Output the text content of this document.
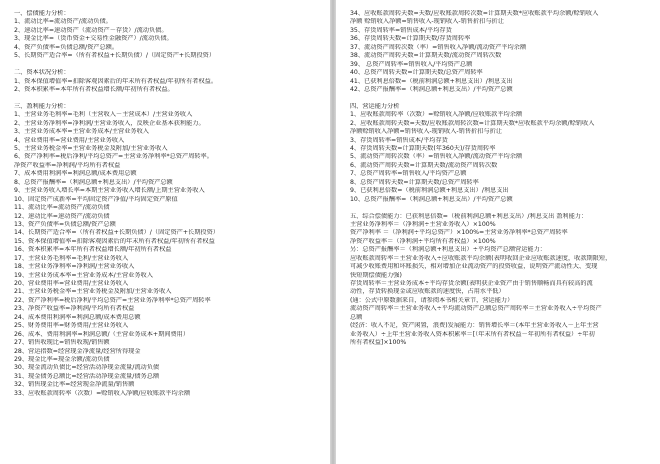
一、偿债能力分析：
1、流动比率=流动资产/流动负债。
2、速动比率=速动资产（流动资产－存货）/流动负债。
3、现金比率=（货币资金+交易性金融资产）/流动负债。
4、资产负债率=负债总额/资产总额。
5、长期资产适合率=（所有者权益+长期负债）/（固定资产+长期投资）
二、资本状况分析：
1、资本保值增值率=扣除客观因素后的年末所有者权益/年初所有者权益。
2、资本积累率=本年所有者权益增长额/年初所有者权益。
三、盈利能力分析：
1、主营业务毛利率=毛利（主营收入－主营成本）/主营业务收入
2、主营业务净利率=净利润/主营业务收入，反映企业基本获利能力。
3、主营业务成本率=主营业务成本/主营业务收入
4、营业费用率=营业费用/主营业务收入
5、主营业务税金率=主营业务税金及附加/主营业务收入
6、资产净利率=税后净利/平均总资产=主营业务净利率*总资产周转率。
净资产收益率=净利润/平均所有者权益
7、成本费用利润率=利润总额/成本费用总额
8、总资产报酬率=（利润总额+利息支出）/平均资产总额
9、主营业务收入增长率=本期主营业务收入增长额/上期主营业务收入
10、固定资产成新率=平均固定资产净值/平均固定资产原值
11、流动比率=流动资产/流动负债
12、速动比率=速动资产/流动负债
13、资产负债率=负债总额/资产总额
14、长期资产适合率=（所有者权益+长期负债）/（固定资产+长期投资）
15、资本保值增值率=扣除客观因素后的年末所有者权益/年初所有者权益
16、资本积累率=本年所有者权益增长额/年初所有者权益
17、主营业务毛利率=毛利/主营业务收入
18、主营业务净利率=净利润/主营业务收入
19、主营业务成本率=主营业务成本/主营业务收入
20、营业费用率=营业费用/主营业务收入
21、主营业务税金率=主营业务税金及附加/主营业务收入
22、资产净利率=税后净利/平均总资产=主营业务净利率*总资产周转率
23、净资产收益率=净利润/平均所有者权益
24、成本费用利润率=利润总额/成本费用总额
25、财务费用率=财务费用/主营业务收入
26、成本、费用利润率=利润总额/（主营业务成本+期间费用）
27、销售收现比=销售收现/销售额
28、营运指数=经营现金净流量/经营所得现金
29、现金比率=现金余额/流动负债
30、现金流动负债比=经营活动净现金流量/流动负债
31、现金债务总额比=经营活动净现金流量/债务总额
32、销售现金比率=经营现金净流量/销售额
33、应收账款周转率（次数）=赊销收入净额/应收账款平均余额
34、应收账款周转天数=天数/应收账款周转次数=计算期天数*应收账款平均余额/赊销收入
净额 赊销收入净额=销售收入-现销收入-销售折扣与折让
35、存货周转率=销售成本/平均存货
36、存货周转天数=计算期天数/存货周转率
37、流动资产周转次数（率）=销售收入净额/流动资产平均余额
38、流动资产周转天数=计算期天数/流动资产周转次数
39、 总资产周转率=销售收入/平均资产总额
40、总资产周转天数=计算期天数/总资产周转率
41、已获利息倍数=（税前利润总额+利息支出）/利息支出
42、总资产报酬率=（利润总额+利息支出）/平均资产总额
四、营运能力分析
1、应收账款周转率（次数）=赊销收入净额/应收账款平均余额
2、应收账款周转天数=天数/应收账款周转次数=计算期天数*应收账款平均余额/赊销收入
净额赊销收入净额=销售收入-现销收入-销售折扣与折让
3、存货周转率=销售成本/平均存货
4、存货周转天数=计算期天数(年360天)/存货周转率
5、流动资产周转次数（率）=销售收入净额/流动资产平均余额
6、流动资产周转天数=计算期天数/流动资产周转次数
7、总资产周转率=销售收入/平均资产总额
8、总资产周转天数=计算期天数/总资产周转率
9、已获利息倍数=（税前利润总额+利息支出）/利息支出
10、总资产报酬率=（利润总额+利息支出）/平均资产总额
五、综合偿债能力：已获利息倍数=（税前利润总额+利息支出）/利息支出 盈利能力：
主营业务净利率＝（净利润÷主营业务收入）×100%
资产净利率 ＝（净利润÷平均总资产）×100%=主营业务净利率*总资产周转率
净资产收益率＝（净利润÷平均所有者权益）×100%
另：总资产报酬率＝（利润总额+利息支出）÷平均资产总额营运能力：
应收账款周转率＝主营业务收入÷应收账款平均余额(表明收回企业应收账款速度，收款期限短，
可减少收账费用和坏账损失，相对增加企业流动资产的投资收益，说明资产流动性大、变现
快短期偿债能力强)
存货周转率＝主营业务成本÷平均存货余额(表明获企业资产由于销售顺畅而具有较高的流
动性，存货转换现金或应收账款的速度快，占用水平低）
(通：公式中原数据来自，请参阅本书相关章节，营运能力）
流动资产周转率＝主营业务收入÷平均流动资产总额总资产周转率＝主营业务收入÷平均资产
总额
(经济：收入不足，资产闲置，浪费)发展能力：销售增长率＝(本年主营业务收入－上年主营
业务收入）÷上年主营业务收入资本积累率＝[（年末所有者权益－年初所有者权益）÷年初
所有者权益]×100%
